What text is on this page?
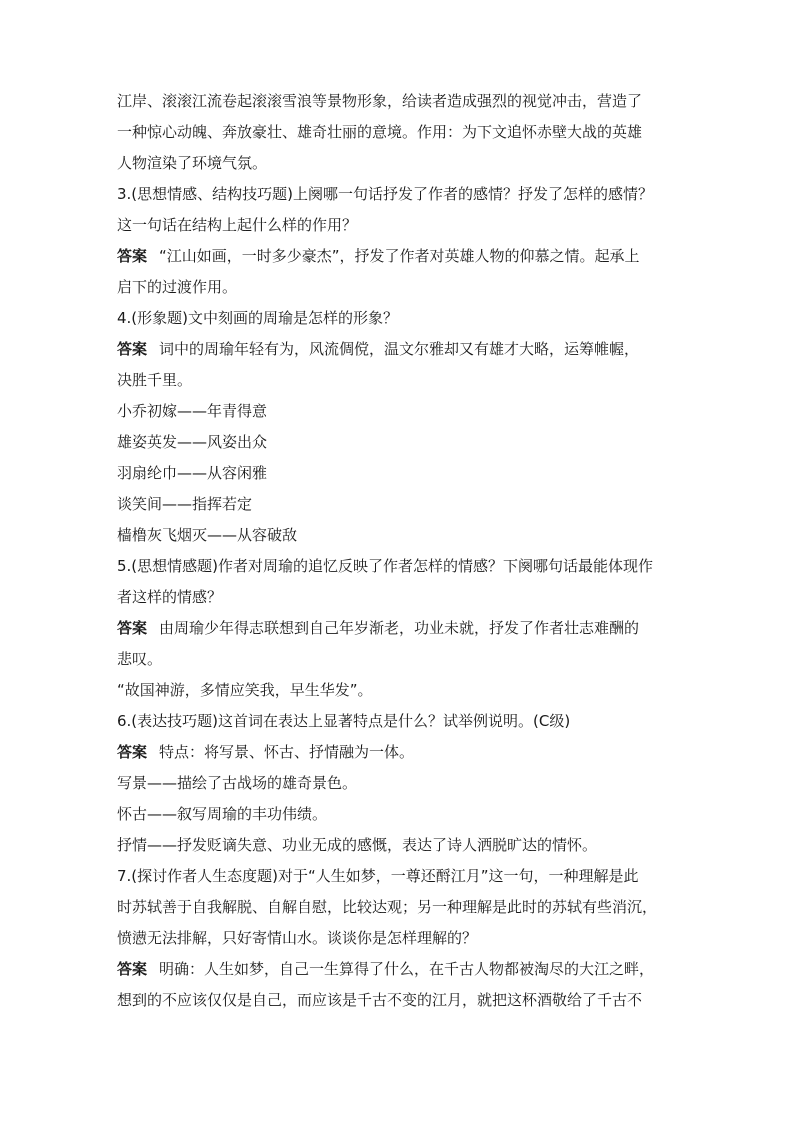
江岸、滚滚江流卷起滚滚雪浪等景物形象，给读者造成强烈的视觉冲击，营造了
一种惊心动魄、奔放豪壮、雄奇壮丽的意境。作用：为下文追怀赤壁大战的英雄
人物渲染了环境气氛。
3.(思想情感、结构技巧题)上阕哪一句话抒发了作者的感情？抒发了怎样的感情？
这一句话在结构上起什么样的作用？
答案 “江山如画，一时多少豪杰”，抒发了作者对英雄人物的仰慕之情。起承上
启下的过渡作用。
4.(形象题)文中刻画的周瑜是怎样的形象？
答案 词中的周瑜年轻有为，风流倜傥，温文尔雅却又有雄才大略，运筹帷幄，
决胜千里。
小乔初嫁——年青得意
雄姿英发——风姿出众
羽扇纶巾——从容闲雅
谈笑间——指挥若定
樯橹灰飞烟灭——从容破敌
5.(思想情感题)作者对周瑜的追忆反映了作者怎样的情感？下阕哪句话最能体现作
者这样的情感？
答案 由周瑜少年得志联想到自己年岁渐老，功业未就，抒发了作者壮志难酬的
悲叹。
“故国神游，多情应笑我，早生华发”。
6.(表达技巧题)这首词在表达上显著特点是什么？试举例说明。(C级)
答案 特点：将写景、怀古、抒情融为一体。
写景——描绘了古战场的雄奇景色。
怀古——叙写周瑜的丰功伟绩。
抒情——抒发贬谪失意、功业无成的感慨，表达了诗人洒脱旷达的情怀。
7.(探讨作者人生态度题)对于“人生如梦，一尊还酹江月”这一句，一种理解是此
时苏轼善于自我解脱、自解自慰，比较达观；另一种理解是此时的苏轼有些消沉，
愤懑无法排解，只好寄情山水。谈谈你是怎样理解的？
答案 明确：人生如梦，自己一生算得了什么，在千古人物都被淘尽的大江之畔，
想到的不应该仅仅是自己，而应该是千古不变的江月，就把这杯酒敬给了千古不
